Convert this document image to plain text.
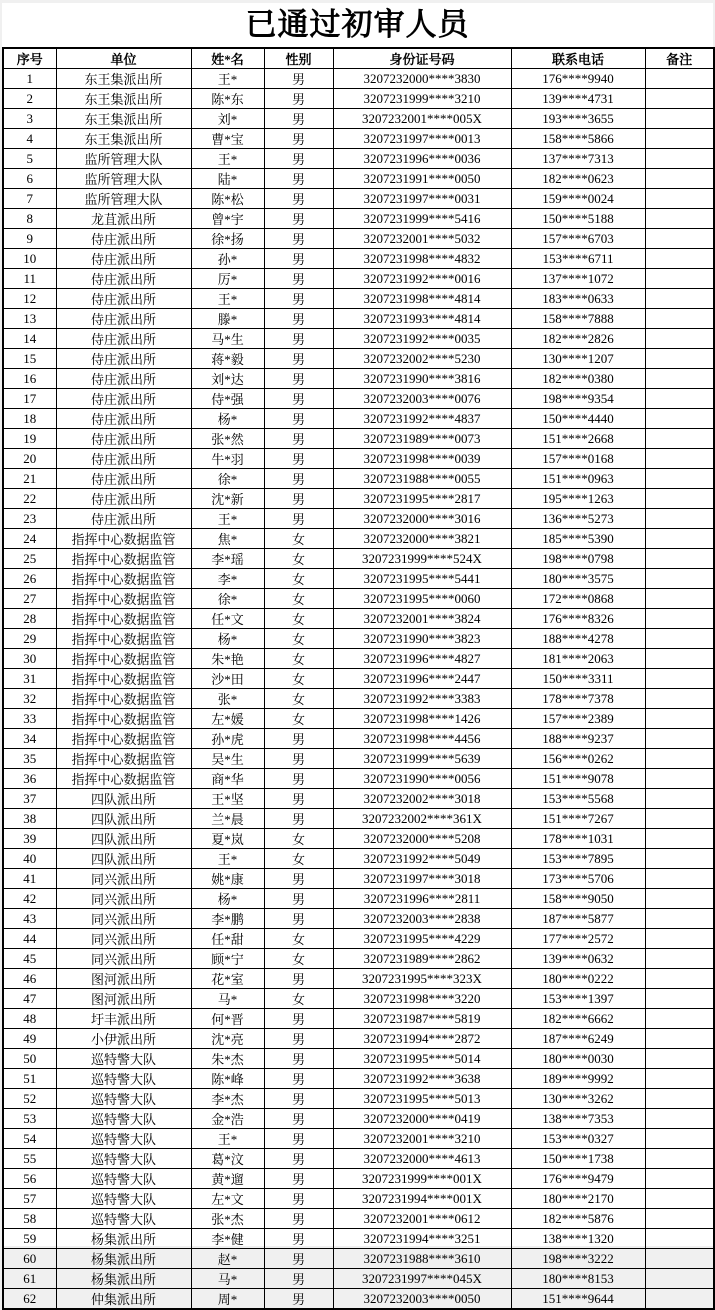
已通过初审人员
序号	单位	姓*名	性别	身份证号码	联系电话	备注
1	东王集派出所	王*	男	3207232000****3830	176****9940	
2	东王集派出所	陈*东	男	3207231999****3210	139****4731	
3	东王集派出所	刘*	男	3207232001****005X	193****3655	
4	东王集派出所	曹*宝	男	3207231997****0013	158****5866	
5	监所管理大队	王*	男	3207231996****0036	137****7313	
6	监所管理大队	陆*	男	3207231991****0050	182****0623	
7	监所管理大队	陈*松	男	3207231997****0031	159****0024	
8	龙苴派出所	曾*宇	男	3207231999****5416	150****5188	
9	侍庄派出所	徐*扬	男	3207232001****5032	157****6703	
10	侍庄派出所	孙*	男	3207231998****4832	153****6711	
11	侍庄派出所	厉*	男	3207231992****0016	137****1072	
12	侍庄派出所	王*	男	3207231998****4814	183****0633	
13	侍庄派出所	滕*	男	3207231993****4814	158****7888	
14	侍庄派出所	马*生	男	3207231992****0035	182****2826	
15	侍庄派出所	蒋*毅	男	3207232002****5230	130****1207	
16	侍庄派出所	刘*达	男	3207231990****3816	182****0380	
17	侍庄派出所	侍*强	男	3207232003****0076	198****9354	
18	侍庄派出所	杨*	男	3207231992****4837	150****4440	
19	侍庄派出所	张*然	男	3207231989****0073	151****2668	
20	侍庄派出所	牛*羽	男	3207231998****0039	157****0168	
21	侍庄派出所	徐*	男	3207231988****0055	151****0963	
22	侍庄派出所	沈*新	男	3207231995****2817	195****1263	
23	侍庄派出所	王*	男	3207232000****3016	136****5273	
24	指挥中心数据监管	焦*	女	3207232000****3821	185****5390	
25	指挥中心数据监管	李*瑶	女	3207231999****524X	198****0798	
26	指挥中心数据监管	李*	女	3207231995****5441	180****3575	
27	指挥中心数据监管	徐*	女	3207231995****0060	172****0868	
28	指挥中心数据监管	任*文	女	3207232001****3824	176****8326	
29	指挥中心数据监管	杨*	女	3207231990****3823	188****4278	
30	指挥中心数据监管	朱*艳	女	3207231996****4827	181****2063	
31	指挥中心数据监管	沙*田	女	3207231996****2447	150****3311	
32	指挥中心数据监管	张*	女	3207231992****3383	178****7378	
33	指挥中心数据监管	左*媛	女	3207231998****1426	157****2389	
34	指挥中心数据监管	孙*虎	男	3207231998****4456	188****9237	
35	指挥中心数据监管	吴*生	男	3207231999****5639	156****0262	
36	指挥中心数据监管	商*华	男	3207231990****0056	151****9078	
37	四队派出所	王*坚	男	3207232002****3018	153****5568	
38	四队派出所	兰*晨	男	3207232002****361X	151****7267	
39	四队派出所	夏*岚	女	3207232000****5208	178****1031	
40	四队派出所	王*	女	3207231992****5049	153****7895	
41	同兴派出所	姚*康	男	3207231997****3018	173****5706	
42	同兴派出所	杨*	男	3207231996****2811	158****9050	
43	同兴派出所	李*鹏	男	3207232003****2838	187****5877	
44	同兴派出所	任*甜	女	3207231995****4229	177****2572	
45	同兴派出所	顾*宁	女	3207231989****2862	139****0632	
46	图河派出所	花*室	男	3207231995****323X	180****0222	
47	图河派出所	马*	女	3207231998****3220	153****1397	
48	圩丰派出所	何*晋	男	3207231987****5819	182****6662	
49	小伊派出所	沈*亮	男	3207231994****2872	187****6249	
50	巡特警大队	朱*杰	男	3207231995****5014	180****0030	
51	巡特警大队	陈*峰	男	3207231992****3638	189****9992	
52	巡特警大队	李*杰	男	3207231995****5013	130****3262	
53	巡特警大队	金*浩	男	3207232000****0419	138****7353	
54	巡特警大队	王*	男	3207232001****3210	153****0327	
55	巡特警大队	葛*汶	男	3207232000****4613	150****1738	
56	巡特警大队	黄*遛	男	3207231999****001X	176****9479	
57	巡特警大队	左*文	男	3207231994****001X	180****2170	
58	巡特警大队	张*杰	男	3207232001****0612	182****5876	
59	杨集派出所	李*健	男	3207231994****3251	138****1320	
60	杨集派出所	赵*	男	3207231988****3610	198****3222	
61	杨集派出所	马*	男	3207231997****045X	180****8153	
62	仲集派出所	周*	男	3207232003****0050	151****9644	
